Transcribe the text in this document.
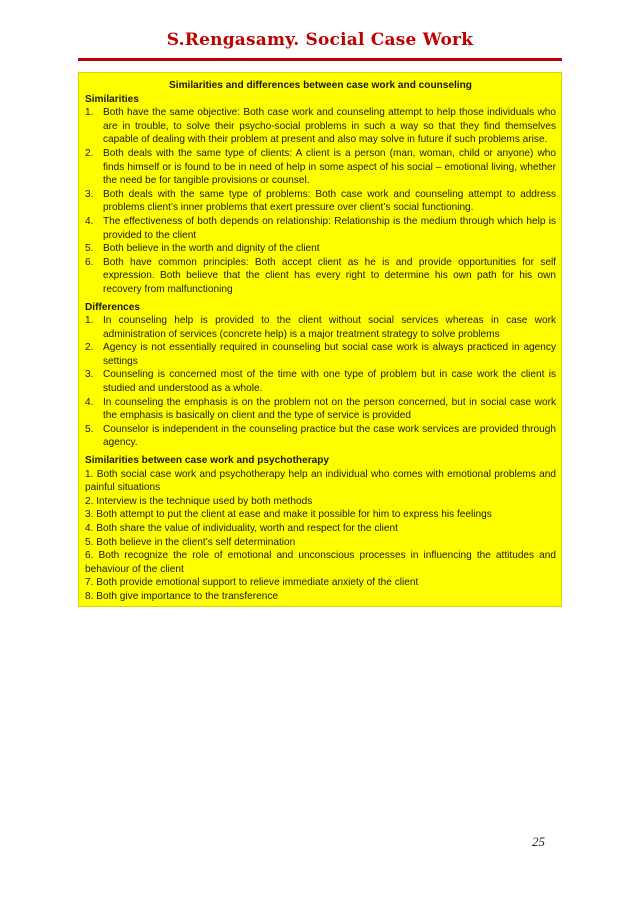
S.Rengasamy. Social Case Work

Similarities and differences between case work and counseling

Similarities

1. Both have the same objective: Both case work and counseling attempt to help those individuals who are in trouble, to solve their psycho-social problems in such a way so that they find themselves capable of dealing with their problem at present and also may solve in future if such problems arise.
2. Both deals with the same type of clients: A client is a person (man, woman, child or anyone) who finds himself or is found to be in need of help in some aspect of his social – emotional living, whether the need be for tangible provisions or counsel.
3. Both deals with the same type of problems: Both case work and counseling attempt to address problems client’s inner problems that exert pressure over client’s social functioning.
4. The effectiveness of both depends on relationship: Relationship is the medium through which help is provided to the client
5. Both believe in the worth and dignity of the client
6. Both have common principles: Both accept client as he is and provide opportunities for self expression. Both believe that the client has every right to determine his own path for his own recovery from malfunctioning

Differences

1. In counseling help is provided to the client without social services whereas in case work administration of services (concrete help) is a major treatment strategy to solve problems
2. Agency is not essentially required in counseling but social case work is always practiced in agency settings
3. Counseling is concerned most of the time with one type of problem but in case work the client is studied and understood as a whole.
4. In counseling the emphasis is on the problem not on the person concerned, but in social case work the emphasis is basically on client and the type of service is provided
5. Counselor is independent in the counseling practice but the case work services are provided through agency.

Similarities between case work and psychotherapy

1. Both social case work and psychotherapy help an individual who comes with emotional problems and painful situations

2. Interview is the technique used by both methods

3. Both attempt to put the client at ease and make it possible for him to express his feelings

4. Both share the value of individuality, worth and respect for the client

5. Both believe in the client’s self determination

6. Both recognize the role of emotional and unconscious processes in influencing the attitudes and behaviour of the client

7. Both provide emotional support to relieve immediate anxiety of the client

8. Both give importance to the transference

25
